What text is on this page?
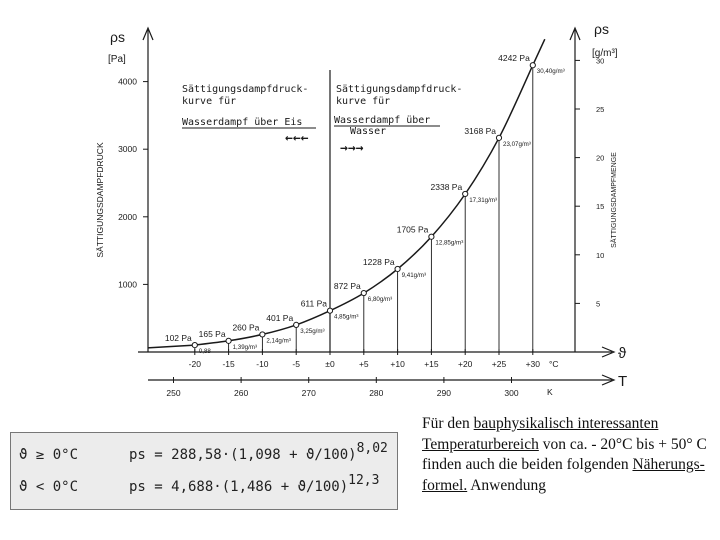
ρs
[Pa]
SÄTTIGUNGSDAMPFDRUCK
ρs
[g/m³]
SÄTTIGUNGSDAMPFMENGE
ϑ
T
°C
K
1000
2000
3000
4000
5
10
15
20
25
30
-20	-15	-10	-5	±0	+5	+10 +15 +20 +25 +30
250	260	270	280	290	300
Sättigungsdampfdruck-
kurve für
Wasserdampf über Eis
←←←
Sättigungsdampfdruck-
kurve für
Wasserdampf über
Wasser
→→→
102 Pa 165 Pa
260 Pa
401 Pa
611 Pa
872 Pa
1228 Pa
1705 Pa
2338 Pa
3168 Pa
4242 Pa
0,88
1,39g/m³
2,14g/m³
3,25g/m³
4,85g/m³
6,80g/m³
9,41g/m³
12,85g/m³
17,31g/m³
23,07g/m³
30,40g/m³
ϑ ≥ 0°C	ps = 288,58·(1,098 + ϑ/100)8,02
ϑ < 0°C	ps = 4,688·(1,486 + ϑ/100)12,3
Für den bauphysikalisch interessanten Temperaturbereich von ca. - 20°C bis + 50° C finden auch die beiden folgenden Näherungs-formel. Anwendung
